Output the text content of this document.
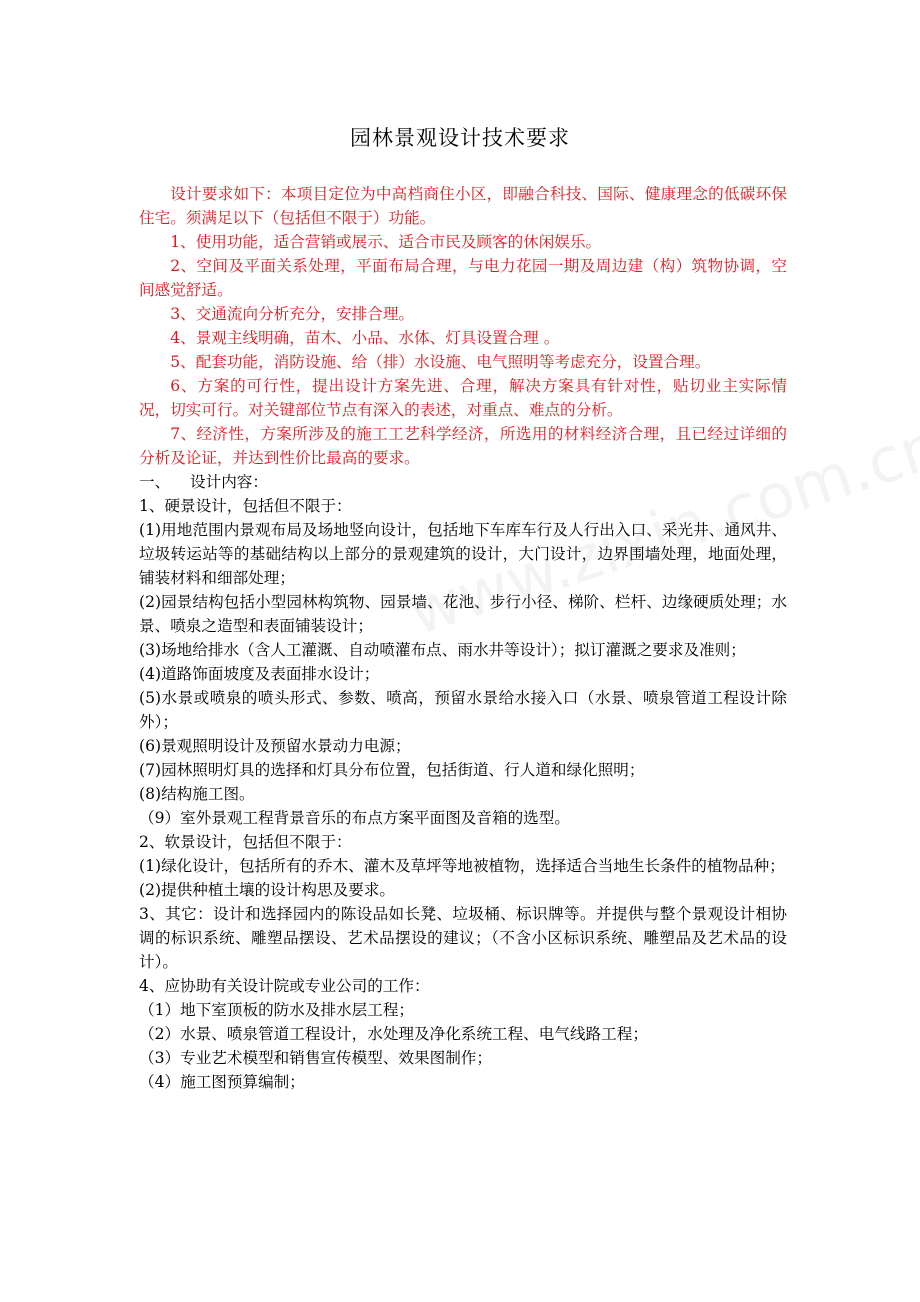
园林景观设计技术要求

设计要求如下：本项目定位为中高档商住小区，即融合科技、国际、健康理念的低碳环保住宅。须满足以下（包括但不限于）功能。

1、使用功能，适合营销或展示、适合市民及顾客的休闲娱乐。

2、空间及平面关系处理，平面布局合理，与电力花园一期及周边建（构）筑物协调，空间感觉舒适。

3、交通流向分析充分，安排合理。

4、景观主线明确，苗木、小品、水体、灯具设置合理 。

5、配套功能，消防设施、给（排）水设施、电气照明等考虑充分，设置合理。

6、方案的可行性，提出设计方案先进、合理，解决方案具有针对性，贴切业主实际情况，切实可行。对关键部位节点有深入的表述，对重点、难点的分析。

7、经济性，方案所涉及的施工工艺科学经济，所选用的材料经济合理，且已经过详细的分析及论证，并达到性价比最高的要求。

一、    设计内容：

1、硬景设计，包括但不限于：

(1)用地范围内景观布局及场地竖向设计，包括地下车库车行及人行出入口、采光井、通风井、垃圾转运站等的基础结构以上部分的景观建筑的设计，大门设计，边界围墙处理，地面处理，铺装材料和细部处理；

(2)园景结构包括小型园林构筑物、园景墙、花池、步行小径、梯阶、栏杆、边缘硬质处理；水景、喷泉之造型和表面铺装设计；

(3)场地给排水（含人工灌溉、自动喷灌布点、雨水井等设计）；拟订灌溉之要求及准则；

(4)道路饰面坡度及表面排水设计；

(5)水景或喷泉的喷头形式、参数、喷高，预留水景给水接入口（水景、喷泉管道工程设计除外）；

(6)景观照明设计及预留水景动力电源；

(7)园林照明灯具的选择和灯具分布位置，包括街道、行人道和绿化照明；

(8)结构施工图。

（9）室外景观工程背景音乐的布点方案平面图及音箱的选型。

2、软景设计，包括但不限于：

(1)绿化设计，包括所有的乔木、灌木及草坪等地被植物，选择适合当地生长条件的植物品种；

(2)提供种植土壤的设计构思及要求。

3、其它：设计和选择园内的陈设品如长凳、垃圾桶、标识牌等。并提供与整个景观设计相协调的标识系统、雕塑品摆设、艺术品摆设的建议；（不含小区标识系统、雕塑品及艺术品的设计）。

4、应协助有关设计院或专业公司的工作：

（1）地下室顶板的防水及排水层工程；

（2）水景、喷泉管道工程设计，水处理及净化系统工程、电气线路工程；

（3）专业艺术模型和销售宣传模型、效果图制作；

（4）施工图预算编制；
